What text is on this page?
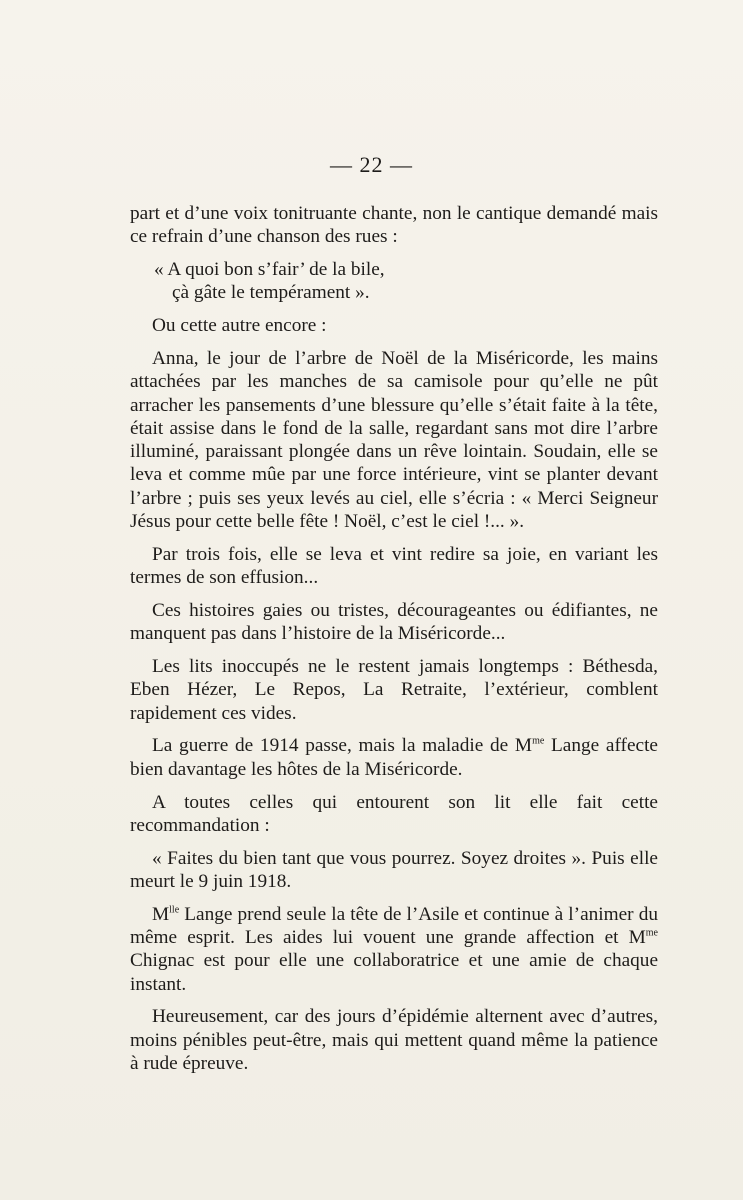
— 22 —

part et d’une voix tonitruante chante, non le cantique demandé mais ce refrain d’une chanson des rues :

« A quoi bon s’fair’ de la bile,
çà gâte le tempérament ».

Ou cette autre encore :

Anna, le jour de l’arbre de Noël de la Miséricorde, les mains attachées par les manches de sa camisole pour qu’elle ne pût arracher les pansements d’une blessure qu’elle s’était faite à la tête, était assise dans le fond de la salle, regardant sans mot dire l’arbre illuminé, paraissant plongée dans un rêve lointain. Soudain, elle se leva et comme mûe par une force intérieure, vint se planter devant l’arbre ; puis ses yeux levés au ciel, elle s’écria : « Merci Seigneur Jésus pour cette belle fête ! Noël, c’est le ciel !... ».

Par trois fois, elle se leva et vint redire sa joie, en variant les termes de son effusion...

Ces histoires gaies ou tristes, décourageantes ou édifiantes, ne manquent pas dans l’histoire de la Miséricorde...

Les lits inoccupés ne le restent jamais longtemps : Béthesda, Eben Hézer, Le Repos, La Retraite, l’extérieur, comblent rapidement ces vides.

La guerre de 1914 passe, mais la maladie de $M^{me}$ Lange affecte bien davantage les hôtes de la Miséricorde.

A toutes celles qui entourent son lit elle fait cette recommandation :

« Faites du bien tant que vous pourrez. Soyez droites ». Puis elle meurt le 9 juin 1918.

$M^{lle}$ Lange prend seule la tête de l’Asile et continue à l’animer du même esprit. Les aides lui vouent une grande affection et $M^{me}$ Chignac est pour elle une collaboratrice et une amie de chaque instant.

Heureusement, car des jours d’épidémie alternent avec d’autres, moins pénibles peut-être, mais qui mettent quand même la patience à rude épreuve.
